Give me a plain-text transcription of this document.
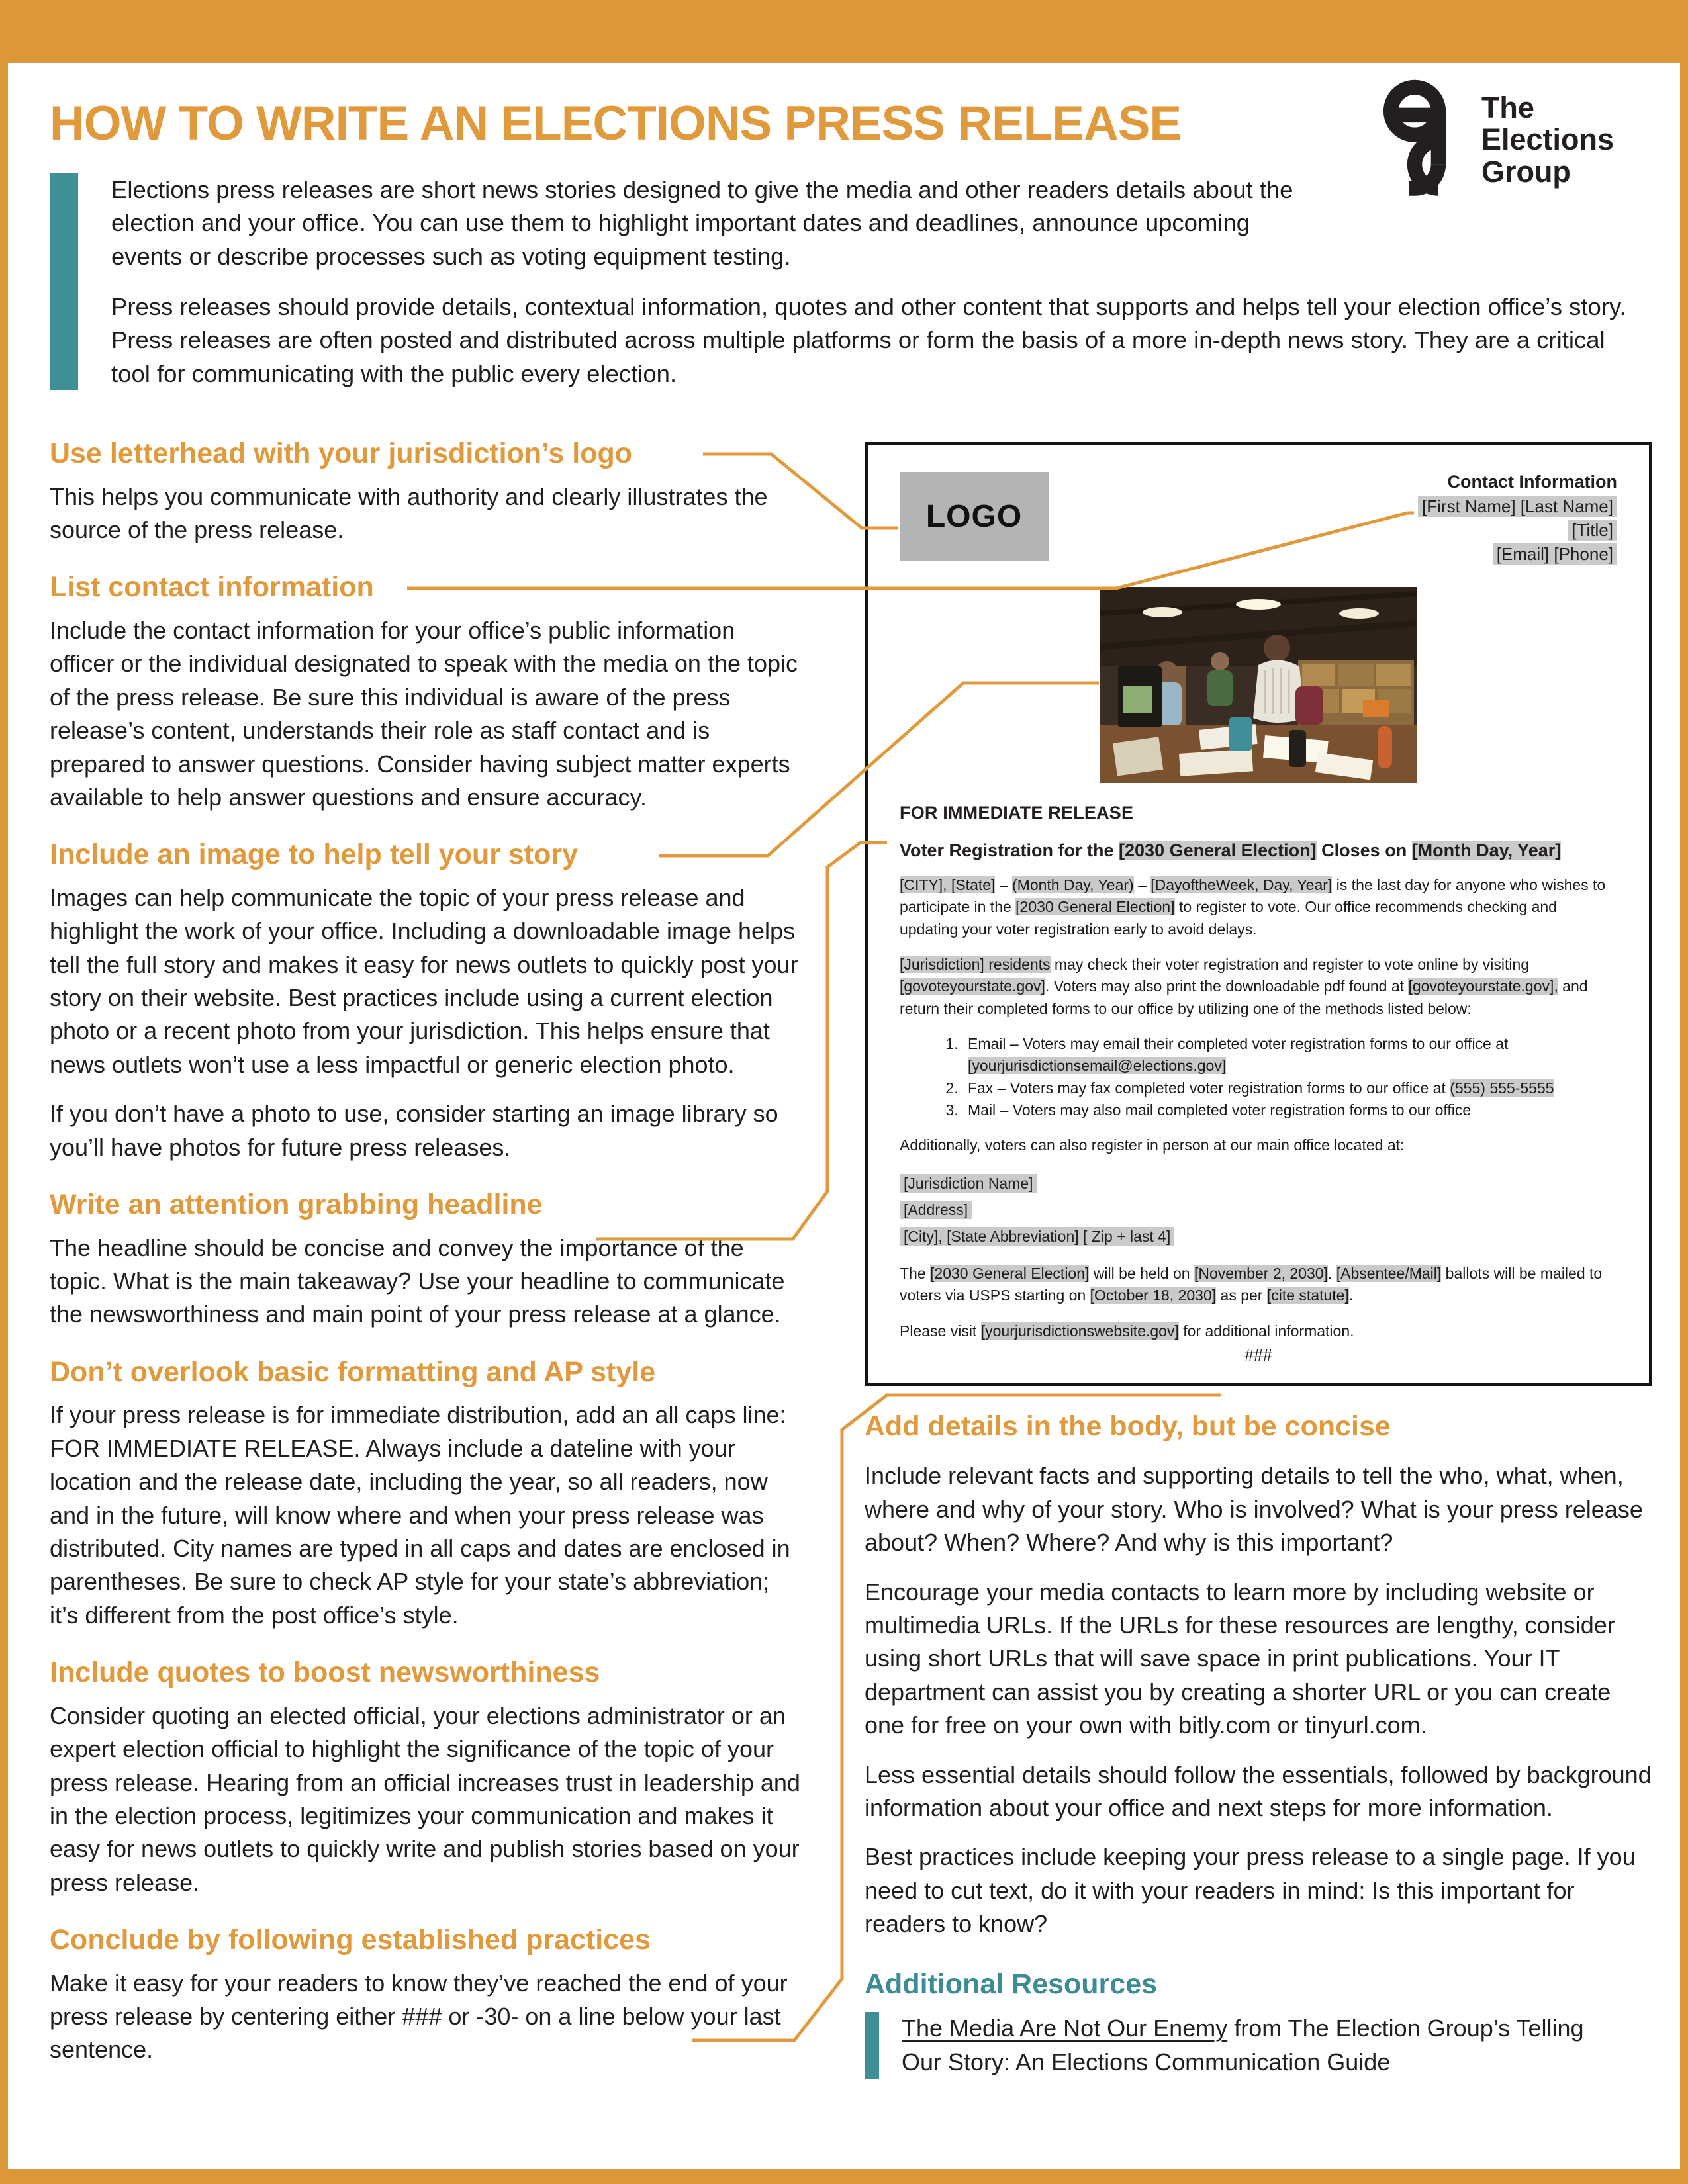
HOW TO WRITE AN ELECTIONS PRESS RELEASE	The
Elections
Group

Elections press releases are short news stories designed to give the media and other readers details about the election and your office. You can use them to highlight important dates and deadlines, announce upcoming events or describe processes such as voting equipment testing.

Press releases should provide details, contextual information, quotes and other content that supports and helps tell your election office’s story. Press releases are often posted and distributed across multiple platforms or form the basis of a more in-depth news story. They are a critical tool for communicating with the public every election.

Use letterhead with your jurisdiction’s logo

This helps you communicate with authority and clearly illustrates the source of the press release.

List contact information

Include the contact information for your office’s public information officer or the individual designated to speak with the media on the topic of the press release. Be sure this individual is aware of the press release’s content, understands their role as staff contact and is prepared to answer questions. Consider having subject matter experts available to help answer questions and ensure accuracy.

Include an image to help tell your story

Images can help communicate the topic of your press release and highlight the work of your office. Including a downloadable image helps tell the full story and makes it easy for news outlets to quickly post your story on their website. Best practices include using a current election photo or a recent photo from your jurisdiction. This helps ensure that news outlets won’t use a less impactful or generic election photo.

If you don’t have a photo to use, consider starting an image library so you’ll have photos for future press releases.

Write an attention grabbing headline

The headline should be concise and convey the importance of the topic. What is the main takeaway? Use your headline to communicate the newsworthiness and main point of your press release at a glance.

Don’t overlook basic formatting and AP style

If your press release is for immediate distribution, add an all caps line: FOR IMMEDIATE RELEASE. Always include a dateline with your location and the release date, including the year, so all readers, now and in the future, will know where and when your press release was distributed. City names are typed in all caps and dates are enclosed in parentheses. Be sure to check AP style for your state’s abbreviation; it’s different from the post office’s style.

Include quotes to boost newsworthiness

Consider quoting an elected official, your elections administrator or an expert election official to highlight the significance of the topic of your press release. Hearing from an official increases trust in leadership and in the election process, legitimizes your communication and makes it easy for news outlets to quickly write and publish stories based on your press release.

Conclude by following established practices

Make it easy for your readers to know they’ve reached the end of your press release by centering either ### or -30- on a line below your last sentence.

LOGO
Contact Information
[First Name] [Last Name]
[Title]
[Email] [Phone]
FOR IMMEDIATE RELEASE
Voter Registration for the [2030 General Election] Closes on [Month Day, Year]

[CITY], [State] – (Month Day, Year) – [DayoftheWeek, Day, Year] is the last day for anyone who wishes to participate in the [2030 General Election] to register to vote. Our office recommends checking and updating your voter registration early to avoid delays.

[Jurisdiction] residents may check their voter registration and register to vote online by visiting [govoteyourstate.gov]. Voters may also print the downloadable pdf found at [govoteyourstate.gov], and return their completed forms to our office by utilizing one of the methods listed below:

1. Email – Voters may email their completed voter registration forms to our office at [yourjurisdictionsemail@elections.gov]
2. Fax – Voters may fax completed voter registration forms to our office at (555) 555-5555
3. Mail – Voters may also mail completed voter registration forms to our office

Additionally, voters can also register in person at our main office located at:

[Jurisdiction Name]
[Address]
[City], [State Abbreviation] [ Zip + last 4]

The [2030 General Election] will be held on [November 2, 2030]. [Absentee/Mail] ballots will be mailed to voters via USPS starting on [October 18, 2030] as per [cite statute].

Please visit [yourjurisdictionswebsite.gov] for additional information.

###
Add details in the body, but be concise

Include relevant facts and supporting details to tell the who, what, when, where and why of your story. Who is involved? What is your press release about? When? Where? And why is this important?

Encourage your media contacts to learn more by including website or multimedia URLs. If the URLs for these resources are lengthy, consider using short URLs that will save space in print publications. Your IT department can assist you by creating a shorter URL or you can create one for free on your own with bitly.com or tinyurl.com.

Less essential details should follow the essentials, followed by background information about your office and next steps for more information.

Best practices include keeping your press release to a single page. If you need to cut text, do it with your readers in mind: Is this important for readers to know?

Additional Resources
The Media Are Not Our Enemy from The Election Group’s Telling Our Story: An Elections Communication Guide
